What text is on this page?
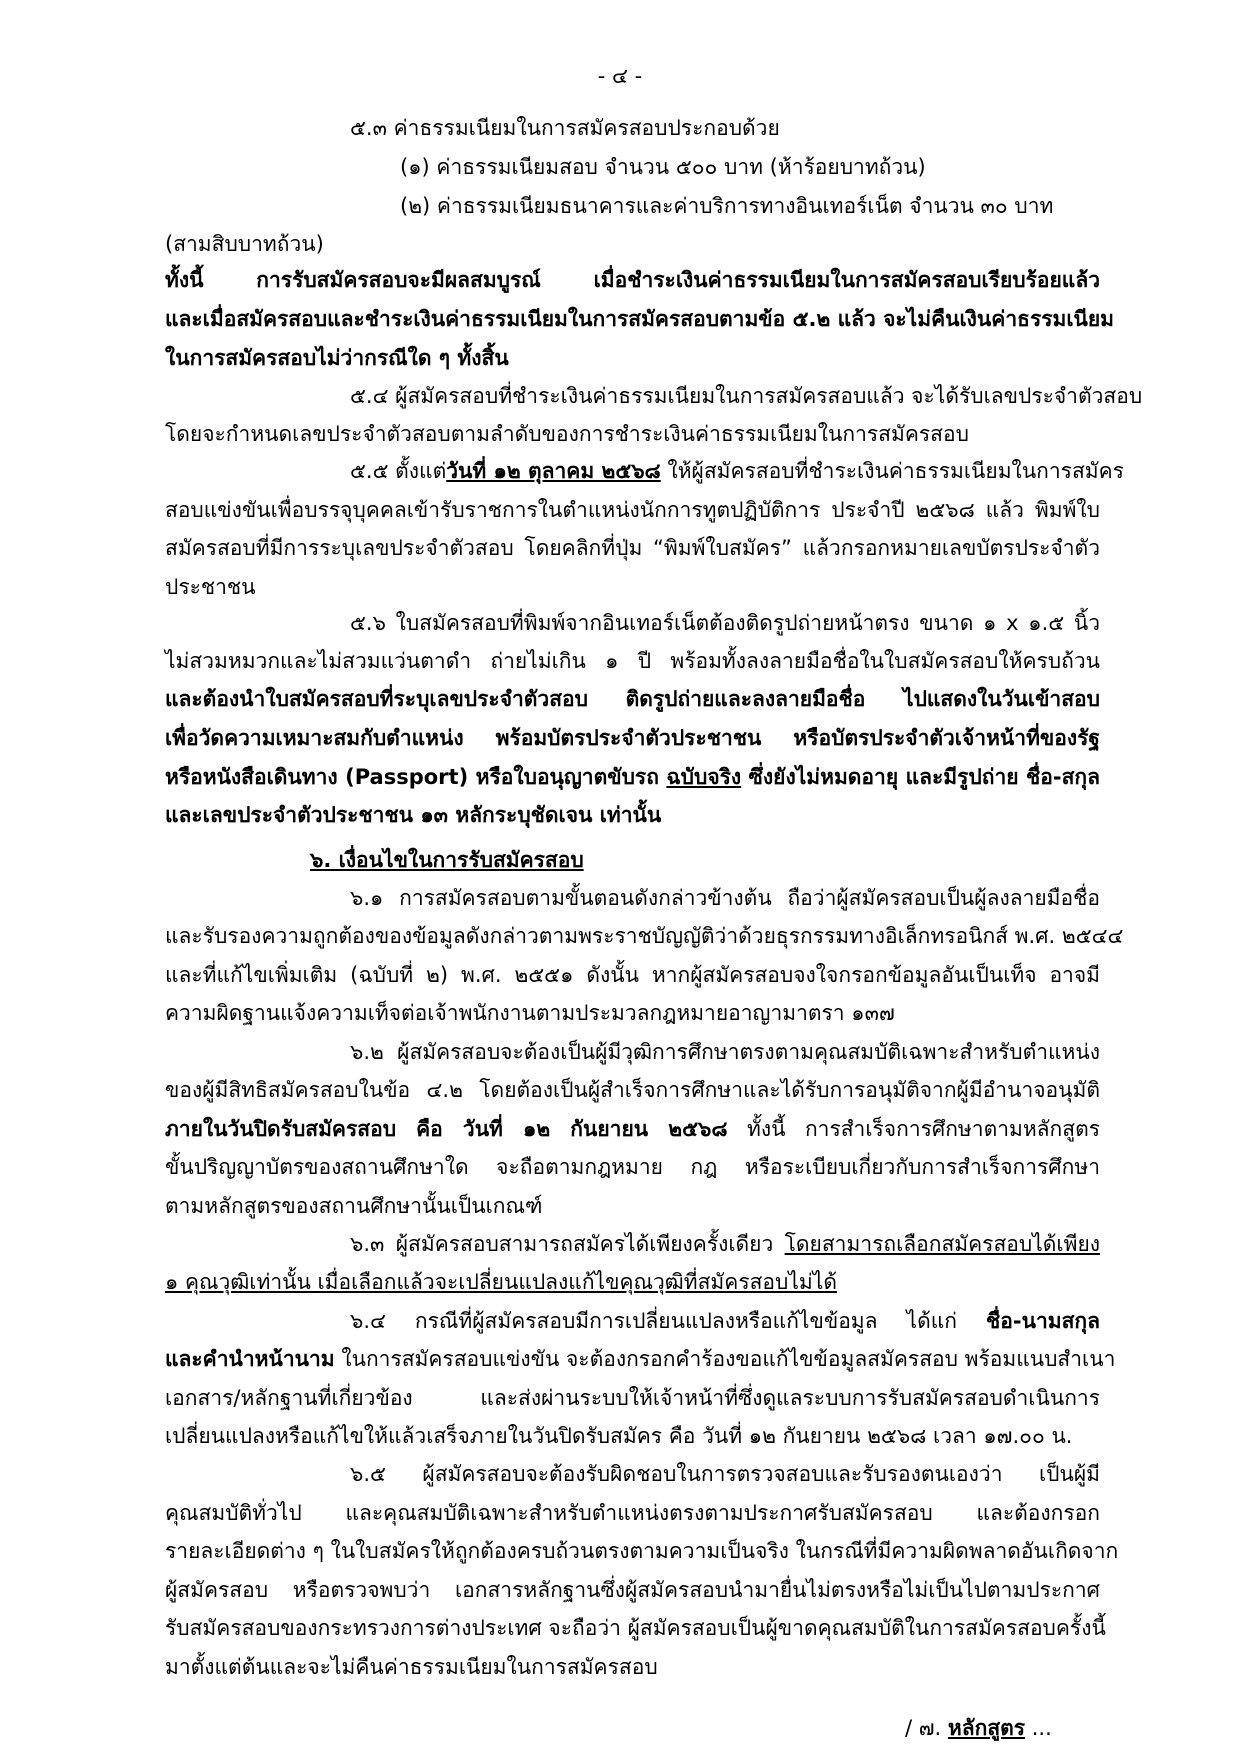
- ๔ -
๕.๓ ค่าธรรมเนียมในการสมัครสอบประกอบด้วย
(๑) ค่าธรรมเนียมสอบ จำนวน ๕๐๐ บาท (ห้าร้อยบาทถ้วน)
(๒) ค่าธรรมเนียมธนาคารและค่าบริการทางอินเทอร์เน็ต จำนวน ๓๐ บาท
(สามสิบบาทถ้วน)
ทั้งนี้ การรับสมัครสอบจะมีผลสมบูรณ์ เมื่อชำระเงินค่าธรรมเนียมในการสมัครสอบเรียบร้อยแล้ว
และเมื่อสมัครสอบและชำระเงินค่าธรรมเนียมในการสมัครสอบตามข้อ ๕.๒ แล้ว จะไม่คืนเงินค่าธรรมเนียม
ในการสมัครสอบไม่ว่ากรณีใด ๆ ทั้งสิ้น
๕.๔ ผู้สมัครสอบที่ชำระเงินค่าธรรมเนียมในการสมัครสอบแล้ว จะได้รับเลขประจำตัวสอบ
โดยจะกำหนดเลขประจำตัวสอบตามลำดับของการชำระเงินค่าธรรมเนียมในการสมัครสอบ
๕.๕ ตั้งแต่วันที่ ๑๒ ตุลาคม ๒๕๖๘ ให้ผู้สมัครสอบที่ชำระเงินค่าธรรมเนียมในการสมัคร
สอบแข่งขันเพื่อบรรจุบุคคลเข้ารับราชการในตำแหน่งนักการทูตปฏิบัติการ ประจำปี ๒๕๖๘ แล้ว พิมพ์ใบ
สมัครสอบที่มีการระบุเลขประจำตัวสอบ โดยคลิกที่ปุ่ม “พิมพ์ใบสมัคร” แล้วกรอกหมายเลขบัตรประจำตัว
ประชาชน
๕.๖ ใบสมัครสอบที่พิมพ์จากอินเทอร์เน็ตต้องติดรูปถ่ายหน้าตรง ขนาด ๑ x ๑.๕ นิ้ว
ไม่สวมหมวกและไม่สวมแว่นตาดำ ถ่ายไม่เกิน ๑ ปี พร้อมทั้งลงลายมือชื่อในใบสมัครสอบให้ครบถ้วน
และต้องนำใบสมัครสอบที่ระบุเลขประจำตัวสอบ ติดรูปถ่ายและลงลายมือชื่อ ไปแสดงในวันเข้าสอบ
เพื่อวัดความเหมาะสมกับตำแหน่ง พร้อมบัตรประจำตัวประชาชน หรือบัตรประจำตัวเจ้าหน้าที่ของรัฐ
หรือหนังสือเดินทาง (Passport) หรือใบอนุญาตขับรถ ฉบับจริง ซึ่งยังไม่หมดอายุ และมีรูปถ่าย ชื่อ-สกุล
และเลขประจำตัวประชาชน ๑๓ หลักระบุชัดเจน เท่านั้น
๖. เงื่อนไขในการรับสมัครสอบ
๖.๑ การสมัครสอบตามขั้นตอนดังกล่าวข้างต้น ถือว่าผู้สมัครสอบเป็นผู้ลงลายมือชื่อ
และรับรองความถูกต้องของข้อมูลดังกล่าวตามพระราชบัญญัติว่าด้วยธุรกรรมทางอิเล็กทรอนิกส์ พ.ศ. ๒๕๔๔
และที่แก้ไขเพิ่มเติม (ฉบับที่ ๒) พ.ศ. ๒๕๕๑ ดังนั้น หากผู้สมัครสอบจงใจกรอกข้อมูลอันเป็นเท็จ อาจมี
ความผิดฐานแจ้งความเท็จต่อเจ้าพนักงานตามประมวลกฎหมายอาญามาตรา ๑๓๗
๖.๒ ผู้สมัครสอบจะต้องเป็นผู้มีวุฒิการศึกษาตรงตามคุณสมบัติเฉพาะสำหรับตำแหน่ง
ของผู้มีสิทธิสมัครสอบในข้อ ๔.๒ โดยต้องเป็นผู้สำเร็จการศึกษาและได้รับการอนุมัติจากผู้มีอำนาจอนุมัติ
ภายในวันปิดรับสมัครสอบ คือ วันที่ ๑๒ กันยายน ๒๕๖๘ ทั้งนี้ การสำเร็จการศึกษาตามหลักสูตร
ขั้นปริญญาบัตรของสถานศึกษาใด จะถือตามกฎหมาย กฎ หรือระเบียบเกี่ยวกับการสำเร็จการศึกษา
ตามหลักสูตรของสถานศึกษานั้นเป็นเกณฑ์
๖.๓ ผู้สมัครสอบสามารถสมัครได้เพียงครั้งเดียว โดยสามารถเลือกสมัครสอบได้เพียง
๑ คุณวุฒิเท่านั้น เมื่อเลือกแล้วจะเปลี่ยนแปลงแก้ไขคุณวุฒิที่สมัครสอบไม่ได้
๖.๔ กรณีที่ผู้สมัครสอบมีการเปลี่ยนแปลงหรือแก้ไขข้อมูล ได้แก่ ชื่อ-นามสกุล
และคำนำหน้านาม ในการสมัครสอบแข่งขัน จะต้องกรอกคำร้องขอแก้ไขข้อมูลสมัครสอบ พร้อมแนบสำเนา
เอกสาร/หลักฐานที่เกี่ยวข้อง และส่งผ่านระบบให้เจ้าหน้าที่ซึ่งดูแลระบบการรับสมัครสอบดำเนินการ
เปลี่ยนแปลงหรือแก้ไขให้แล้วเสร็จภายในวันปิดรับสมัคร คือ วันที่ ๑๒ กันยายน ๒๕๖๘ เวลา ๑๗.๐๐ น.
๖.๕ ผู้สมัครสอบจะต้องรับผิดชอบในการตรวจสอบและรับรองตนเองว่า เป็นผู้มี
คุณสมบัติทั่วไป และคุณสมบัติเฉพาะสำหรับตำแหน่งตรงตามประกาศรับสมัครสอบ และต้องกรอก
รายละเอียดต่าง ๆ ในใบสมัครให้ถูกต้องครบถ้วนตรงตามความเป็นจริง ในกรณีที่มีความผิดพลาดอันเกิดจาก
ผู้สมัครสอบ หรือตรวจพบว่า เอกสารหลักฐานซึ่งผู้สมัครสอบนำมายื่นไม่ตรงหรือไม่เป็นไปตามประกาศ
รับสมัครสอบของกระทรวงการต่างประเทศ จะถือว่า ผู้สมัครสอบเป็นผู้ขาดคุณสมบัติในการสมัครสอบครั้งนี้
มาตั้งแต่ต้นและจะไม่คืนค่าธรรมเนียมในการสมัครสอบ
/ ๗. หลักสูตร ...
